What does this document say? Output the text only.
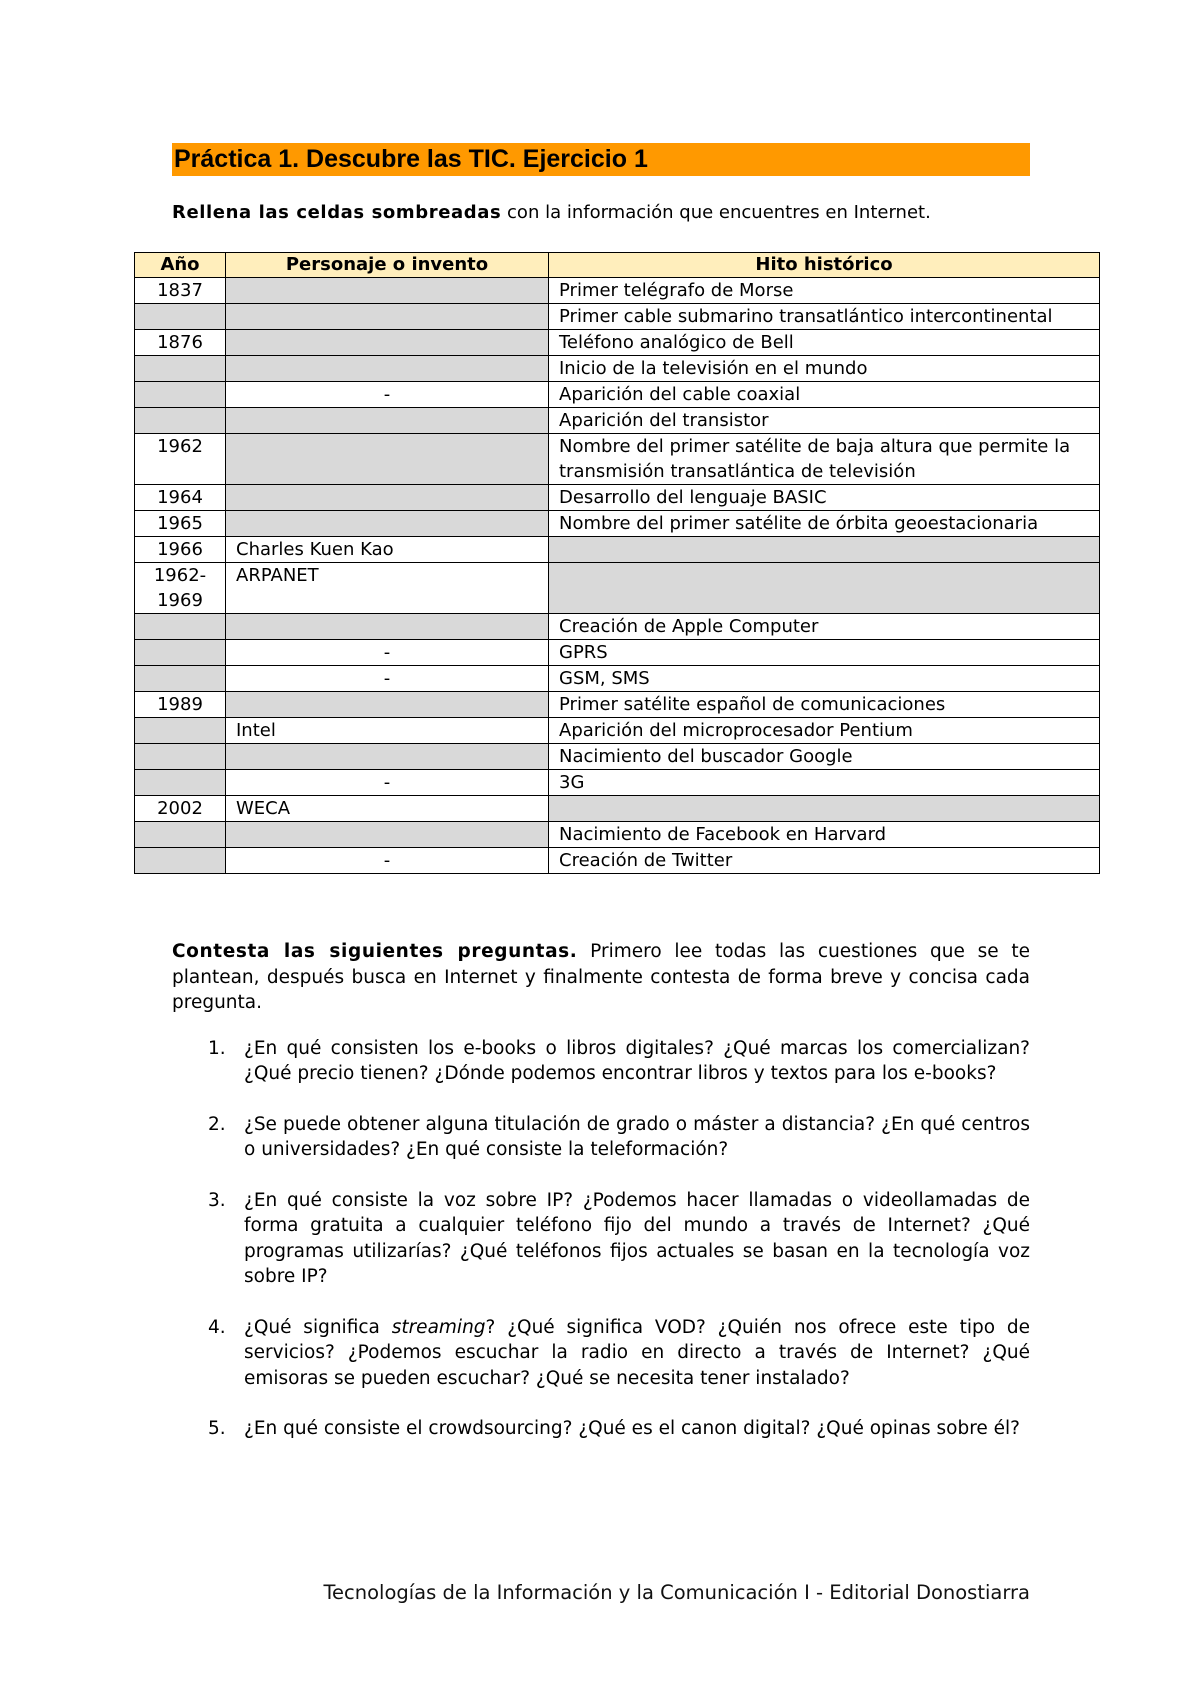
Práctica 1. Descubre las TIC. Ejercicio 1
Rellena las celdas sombreadas con la información que encuentres en Internet.
Año	Personaje o invento	Hito histórico
1837		Primer telégrafo de Morse
		Primer cable submarino transatlántico intercontinental
1876		Teléfono analógico de Bell
		Inicio de la televisión en el mundo
	-	Aparición del cable coaxial
		Aparición del transistor
1962		Nombre del primer satélite de baja altura que permite la transmisión transatlántica de televisión
1964		Desarrollo del lenguaje BASIC
1965		Nombre del primer satélite de órbita geoestacionaria
1966	Charles Kuen Kao	
1962-1969	ARPANET	
		Creación de Apple Computer
	-	GPRS
	-	GSM, SMS
1989		Primer satélite español de comunicaciones
	Intel	Aparición del microprocesador Pentium
		Nacimiento del buscador Google
	-	3G
2002	WECA	
		Nacimiento de Facebook en Harvard
	-	Creación de Twitter

Contesta las siguientes preguntas. Primero lee todas las cuestiones que se te plantean, después busca en Internet y finalmente contesta de forma breve y concisa cada pregunta.

1. ¿En qué consisten los e-books o libros digitales? ¿Qué marcas los comercializan? ¿Qué precio tienen? ¿Dónde podemos encontrar libros y textos para los e-books?
2. ¿Se puede obtener alguna titulación de grado o máster a distancia? ¿En qué centros o universidades? ¿En qué consiste la teleformación?
3. ¿En qué consiste la voz sobre IP? ¿Podemos hacer llamadas o videollamadas de forma gratuita a cualquier teléfono fijo del mundo a través de Internet? ¿Qué programas utilizarías? ¿Qué teléfonos fijos actuales se basan en la tecnología voz sobre IP?
4. ¿Qué significa streaming? ¿Qué significa VOD? ¿Quién nos ofrece este tipo de servicios? ¿Podemos escuchar la radio en directo a través de Internet? ¿Qué emisoras se pueden escuchar? ¿Qué se necesita tener instalado?
5. ¿En qué consiste el crowdsourcing? ¿Qué es el canon digital? ¿Qué opinas sobre él?
Tecnologías de la Información y la Comunicación I - Editorial Donostiarra
